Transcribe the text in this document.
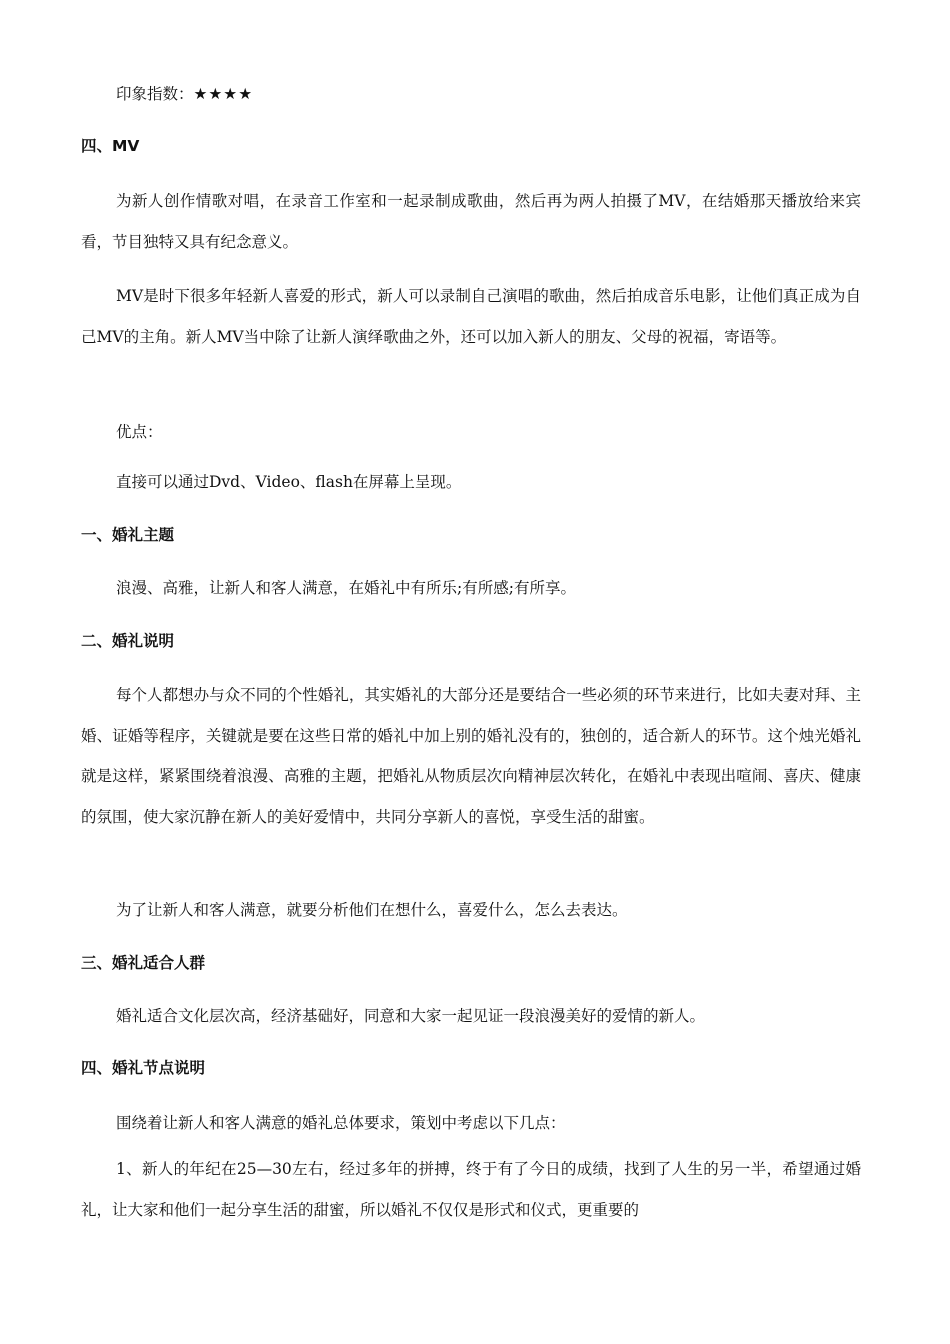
印象指数：★★★★

四、MV

为新人创作情歌对唱，在录音工作室和一起录制成歌曲，然后再为两人拍摄了MV，在结婚那天播放给来宾看，节目独特又具有纪念意义。

MV是时下很多年轻新人喜爱的形式，新人可以录制自己演唱的歌曲，然后拍成音乐电影，让他们真正成为自己MV的主角。新人MV当中除了让新人演绎歌曲之外，还可以加入新人的朋友、父母的祝福，寄语等。

优点：

直接可以通过Dvd、Video、flash在屏幕上呈现。

一、婚礼主题

浪漫、高雅，让新人和客人满意，在婚礼中有所乐;有所感;有所享。

二、婚礼说明

每个人都想办与众不同的个性婚礼，其实婚礼的大部分还是要结合一些必须的环节来进行，比如夫妻对拜、主婚、证婚等程序，关键就是要在这些日常的婚礼中加上别的婚礼没有的，独创的，适合新人的环节。这个烛光婚礼就是这样，紧紧围绕着浪漫、高雅的主题，把婚礼从物质层次向精神层次转化，在婚礼中表现出喧闹、喜庆、健康的氛围，使大家沉静在新人的美好爱情中，共同分享新人的喜悦，享受生活的甜蜜。

为了让新人和客人满意，就要分析他们在想什么，喜爱什么，怎么去表达。

三、婚礼适合人群

婚礼适合文化层次高，经济基础好，同意和大家一起见证一段浪漫美好的爱情的新人。

四、婚礼节点说明

围绕着让新人和客人满意的婚礼总体要求，策划中考虑以下几点：

1、新人的年纪在25—30左右，经过多年的拼搏，终于有了今日的成绩，找到了人生的另一半，希望通过婚礼，让大家和他们一起分享生活的甜蜜，所以婚礼不仅仅是形式和仪式，更重要的
